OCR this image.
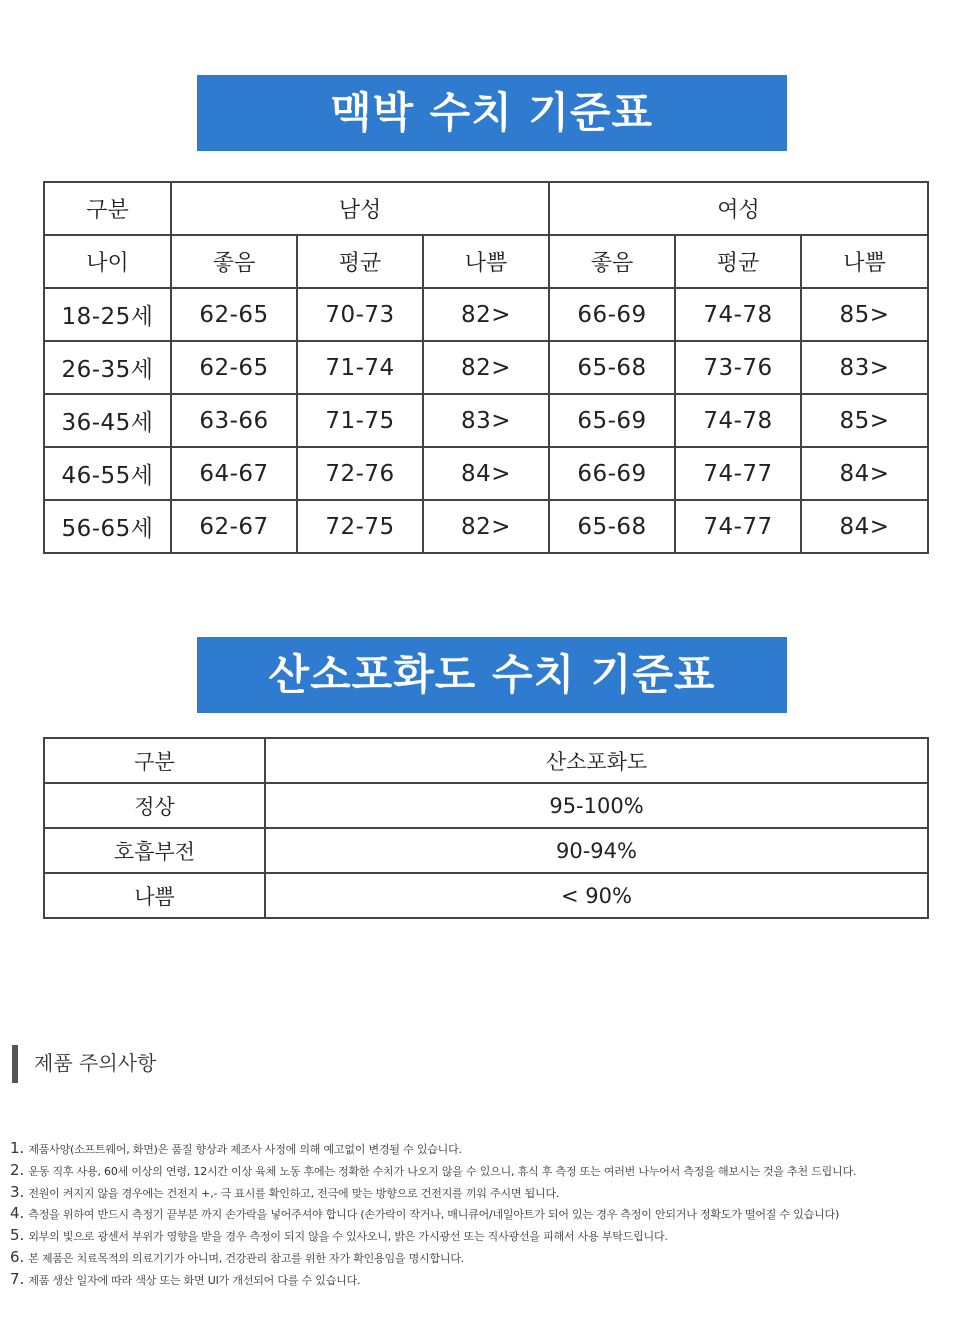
맥박 수치 기준표
구분	남성			여성		
나이	좋음	평균	나쁨	좋음	평균	나쁨
18-25세	62-65	70-73	82>	66-69	74-78	85>
26-35세	62-65	71-74	82>	65-68	73-76	83>
36-45세	63-66	71-75	83>	65-69	74-78	85>
46-55세	64-67	72-76	84>	66-69	74-77	84>
56-65세	62-67	72-75	82>	65-68	74-77	84>
산소포화도 수치 기준표
구분	산소포화도
정상	95-100%
호흡부전	90-94%
나쁨	< 90%
제품 주의사항
1. 제품사양(소프트웨어, 화면)은 품질 향상과 제조사 사정에 의해 예고없이 변경될 수 있습니다.
2. 운동 직후 사용, 60세 이상의 연령, 12시간 이상 육체 노동 후에는 정확한 수치가 나오지 않을 수 있으니, 휴식 후 측정 또는 여러번 나누어서 측정을 해보시는 것을 추천 드립니다.
3. 전원이 켜지지 않을 경우에는 건전지 +,- 극 표시를 확인하고, 전극에 맞는 방향으로 건전지를 끼워 주시면 됩니다.
4. 측정을 위하여 반드시 측정기 끝부분 까지 손가락을 넣어주셔야 합니다 (손가락이 작거나, 매니큐어/네일아트가 되어 있는 경우 측정이 안되거나 정확도가 떨어질 수 있습니다)
5. 외부의 빛으로 광센서 부위가 영향을 받을 경우 측정이 되지 않을 수 있사오니, 밝은 가시광선 또는 직사광선을 피해서 사용 부탁드립니다.
6. 본 제품은 치료목적의 의료기기가 아니며, 건강관리 참고를 위한 자가 확인용임을 명시합니다.
7. 제품 생산 일자에 따라 색상 또는 화면 UI가 개선되어 다를 수 있습니다.
